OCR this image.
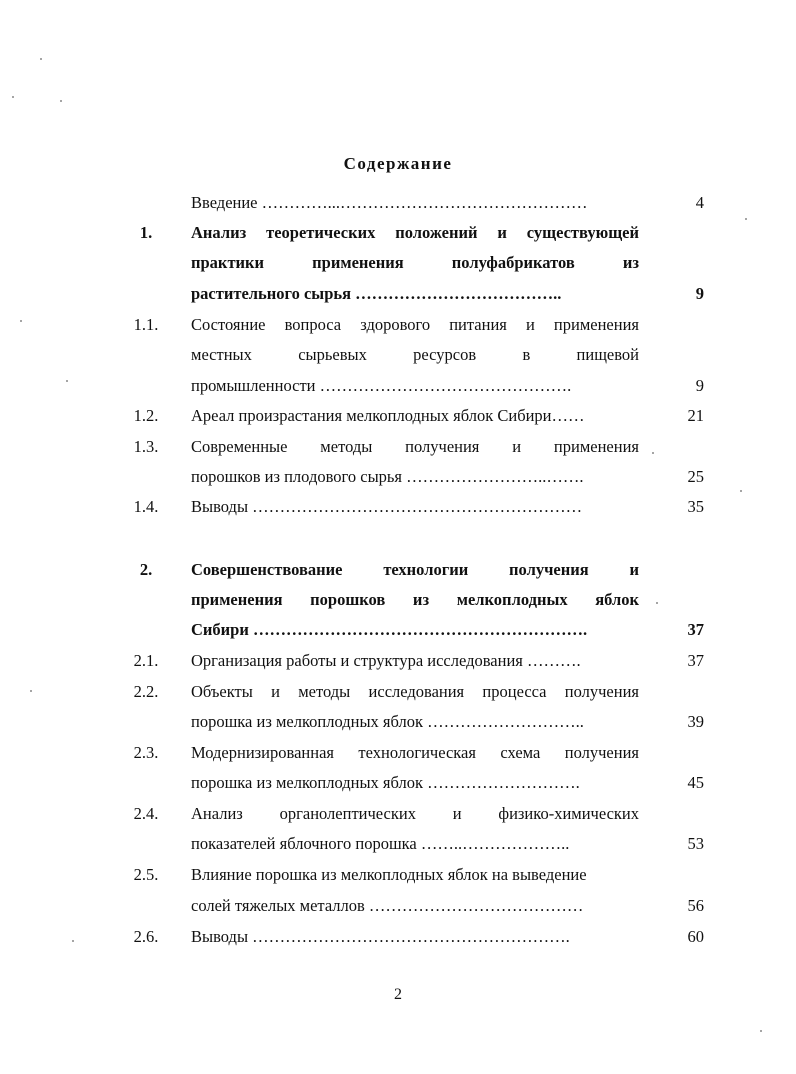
Содержание
Введение …………...………………………………………	4
1.	Анализ теоретических положений и существующей
практики применения полуфабрикатов из
растительного сырья ………………………………..	9
1.1.	Состояние вопроса здорового питания и применения
местных сырьевых ресурсов в пищевой
промышленности ……………………………………….	9
1.2.	Ареал произрастания мелкоплодных яблок Сибири……	21
1.3.	Современные методы получения и применения
порошков из плодового сырья ……………………..…….	25
1.4.	Выводы ……………………………………………………	35
2.	Совершенствование технологии получения и
применения порошков из мелкоплодных яблок
Сибири …………………………………………………….	37
2.1.	Организация работы и структура исследования ……….	37
2.2.	Объекты и методы исследования процесса получения
порошка из мелкоплодных яблок ………………………..	39
2.3.	Модернизированная технологическая схема получения
порошка из мелкоплодных яблок ……………………….	45
2.4.	Анализ органолептических и физико-химических
показателей яблочного порошка ……..………………..	53
2.5.	Влияние порошка из мелкоплодных яблок на выведение
солей тяжелых металлов …………………………………	56
2.6.	Выводы ………………………………………………….	60
2
